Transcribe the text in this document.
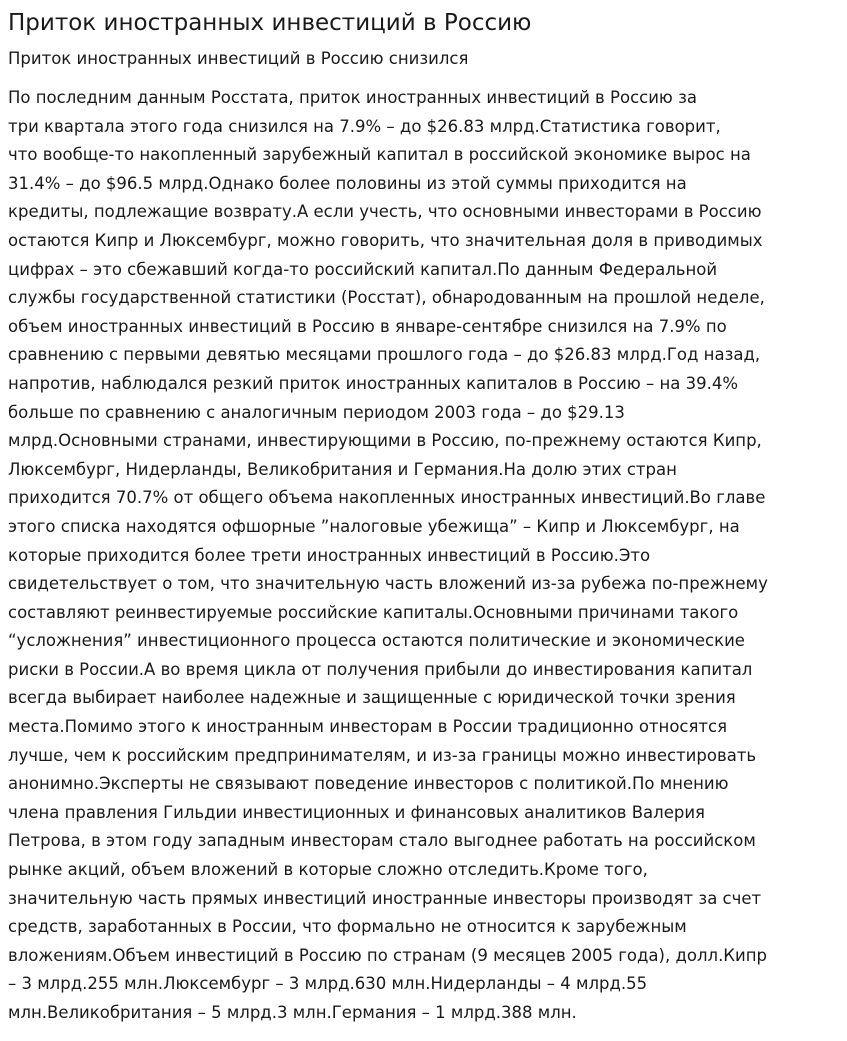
Приток иностранных инвестиций в Россию
Приток иностранных инвестиций в Россию снизился

По последним данным Росстата, приток иностранных инвестиций в Россию за
три квартала этого года снизился на 7.9% – до $26.83 млрд.Статистика говорит,
что вообще-то накопленный зарубежный капитал в российской экономике вырос на
31.4% – до $96.5 млрд.Однако более половины из этой суммы приходится на
кредиты, подлежащие возврату.А если учесть, что основными инвесторами в Россию
остаются Кипр и Люксембург, можно говорить, что значительная доля в приводимых
цифрах – это сбежавший когда-то российский капитал.По данным Федеральной
службы государственной статистики (Росстат), обнародованным на прошлой неделе,
объем иностранных инвестиций в Россию в январе-сентябре снизился на 7.9% по
сравнению с первыми девятью месяцами прошлого года – до $26.83 млрд.Год назад,
напротив, наблюдался резкий приток иностранных капиталов в Россию – на 39.4%
больше по сравнению с аналогичным периодом 2003 года – до $29.13
млрд.Основными странами, инвестирующими в Россию, по-прежнему остаются Кипр,
Люксембург, Нидерланды, Великобритания и Германия.На долю этих стран
приходится 70.7% от общего объема накопленных иностранных инвестиций.Во главе
этого списка находятся офшорные ”налоговые убежища” – Кипр и Люксембург, на
которые приходится более трети иностранных инвестиций в Россию.Это
свидетельствует о том, что значительную часть вложений из-за рубежа по-прежнему
составляют реинвестируемые российские капиталы.Основными причинами такого
“усложнения” инвестиционного процесса остаются политические и экономические
риски в России.А во время цикла от получения прибыли до инвестирования капитал
всегда выбирает наиболее надежные и защищенные с юридической точки зрения
места.Помимо этого к иностранным инвесторам в России традиционно относятся
лучше, чем к российским предпринимателям, и из-за границы можно инвестировать
анонимно.Эксперты не связывают поведение инвесторов с политикой.По мнению
члена правления Гильдии инвестиционных и финансовых аналитиков Валерия
Петрова, в этом году западным инвесторам стало выгоднее работать на российском
рынке акций, объем вложений в которые сложно отследить.Кроме того,
значительную часть прямых инвестиций иностранные инвесторы производят за счет
средств, заработанных в России, что формально не относится к зарубежным
вложениям.Объем инвестиций в Россию по странам (9 месяцев 2005 года), долл.Кипр
– 3 млрд.255 млн.Люксембург – 3 млрд.630 млн.Нидерланды – 4 млрд.55
млн.Великобритания – 5 млрд.3 млн.Германия – 1 млрд.388 млн.
